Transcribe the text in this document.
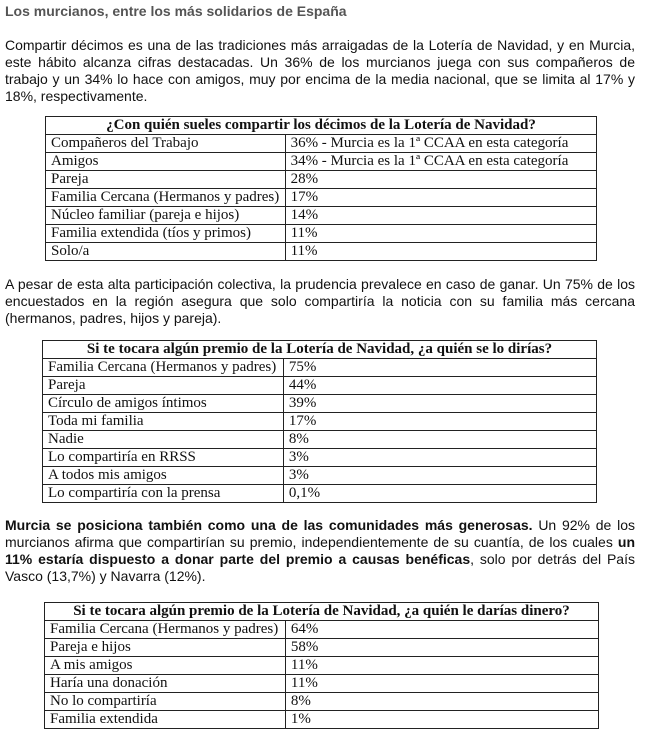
Los murcianos, entre los más solidarios de España
Compartir décimos es una de las tradiciones más arraigadas de la Lotería de Navidad, y en Murcia, este hábito alcanza cifras destacadas. Un 36% de los murcianos juega con sus compañeros de trabajo y un 34% lo hace con amigos, muy por encima de la media nacional, que se limita al 17% y 18%, respectivamente.
¿Con quién sueles compartir los décimos de la Lotería de Navidad?	
Compañeros del Trabajo	36% - Murcia es la 1ª CCAA en esta categoría
Amigos	34% - Murcia es la 1ª CCAA en esta categoría
Pareja	28%
Familia Cercana (Hermanos y padres)	17%
Núcleo familiar (pareja e hijos)	14%
Familia extendida (tíos y primos)	11%
Solo/a	11%
A pesar de esta alta participación colectiva, la prudencia prevalece en caso de ganar. Un 75% de los encuestados en la región asegura que solo compartiría la noticia con su familia más cercana (hermanos, padres, hijos y pareja).
Si te tocara algún premio de la Lotería de Navidad, ¿a quién se lo dirías?	
Familia Cercana (Hermanos y padres)	75%
Pareja	44%
Círculo de amigos íntimos	39%
Toda mi familia	17%
Nadie	8%
Lo compartiría en RRSS	3%
A todos mis amigos	3%
Lo compartiría con la prensa	0,1%
Murcia se posiciona también como una de las comunidades más generosas. Un 92% de los murcianos afirma que compartirían su premio, independientemente de su cuantía, de los cuales un 11% estaría dispuesto a donar parte del premio a causas benéficas, solo por detrás del País Vasco (13,7%) y Navarra (12%).
Si te tocara algún premio de la Lotería de Navidad, ¿a quién le darías dinero?	
Familia Cercana (Hermanos y padres)	64%
Pareja e hijos	58%
A mis amigos	11%
Haría una donación	11%
No lo compartiría	8%
Familia extendida	1%
